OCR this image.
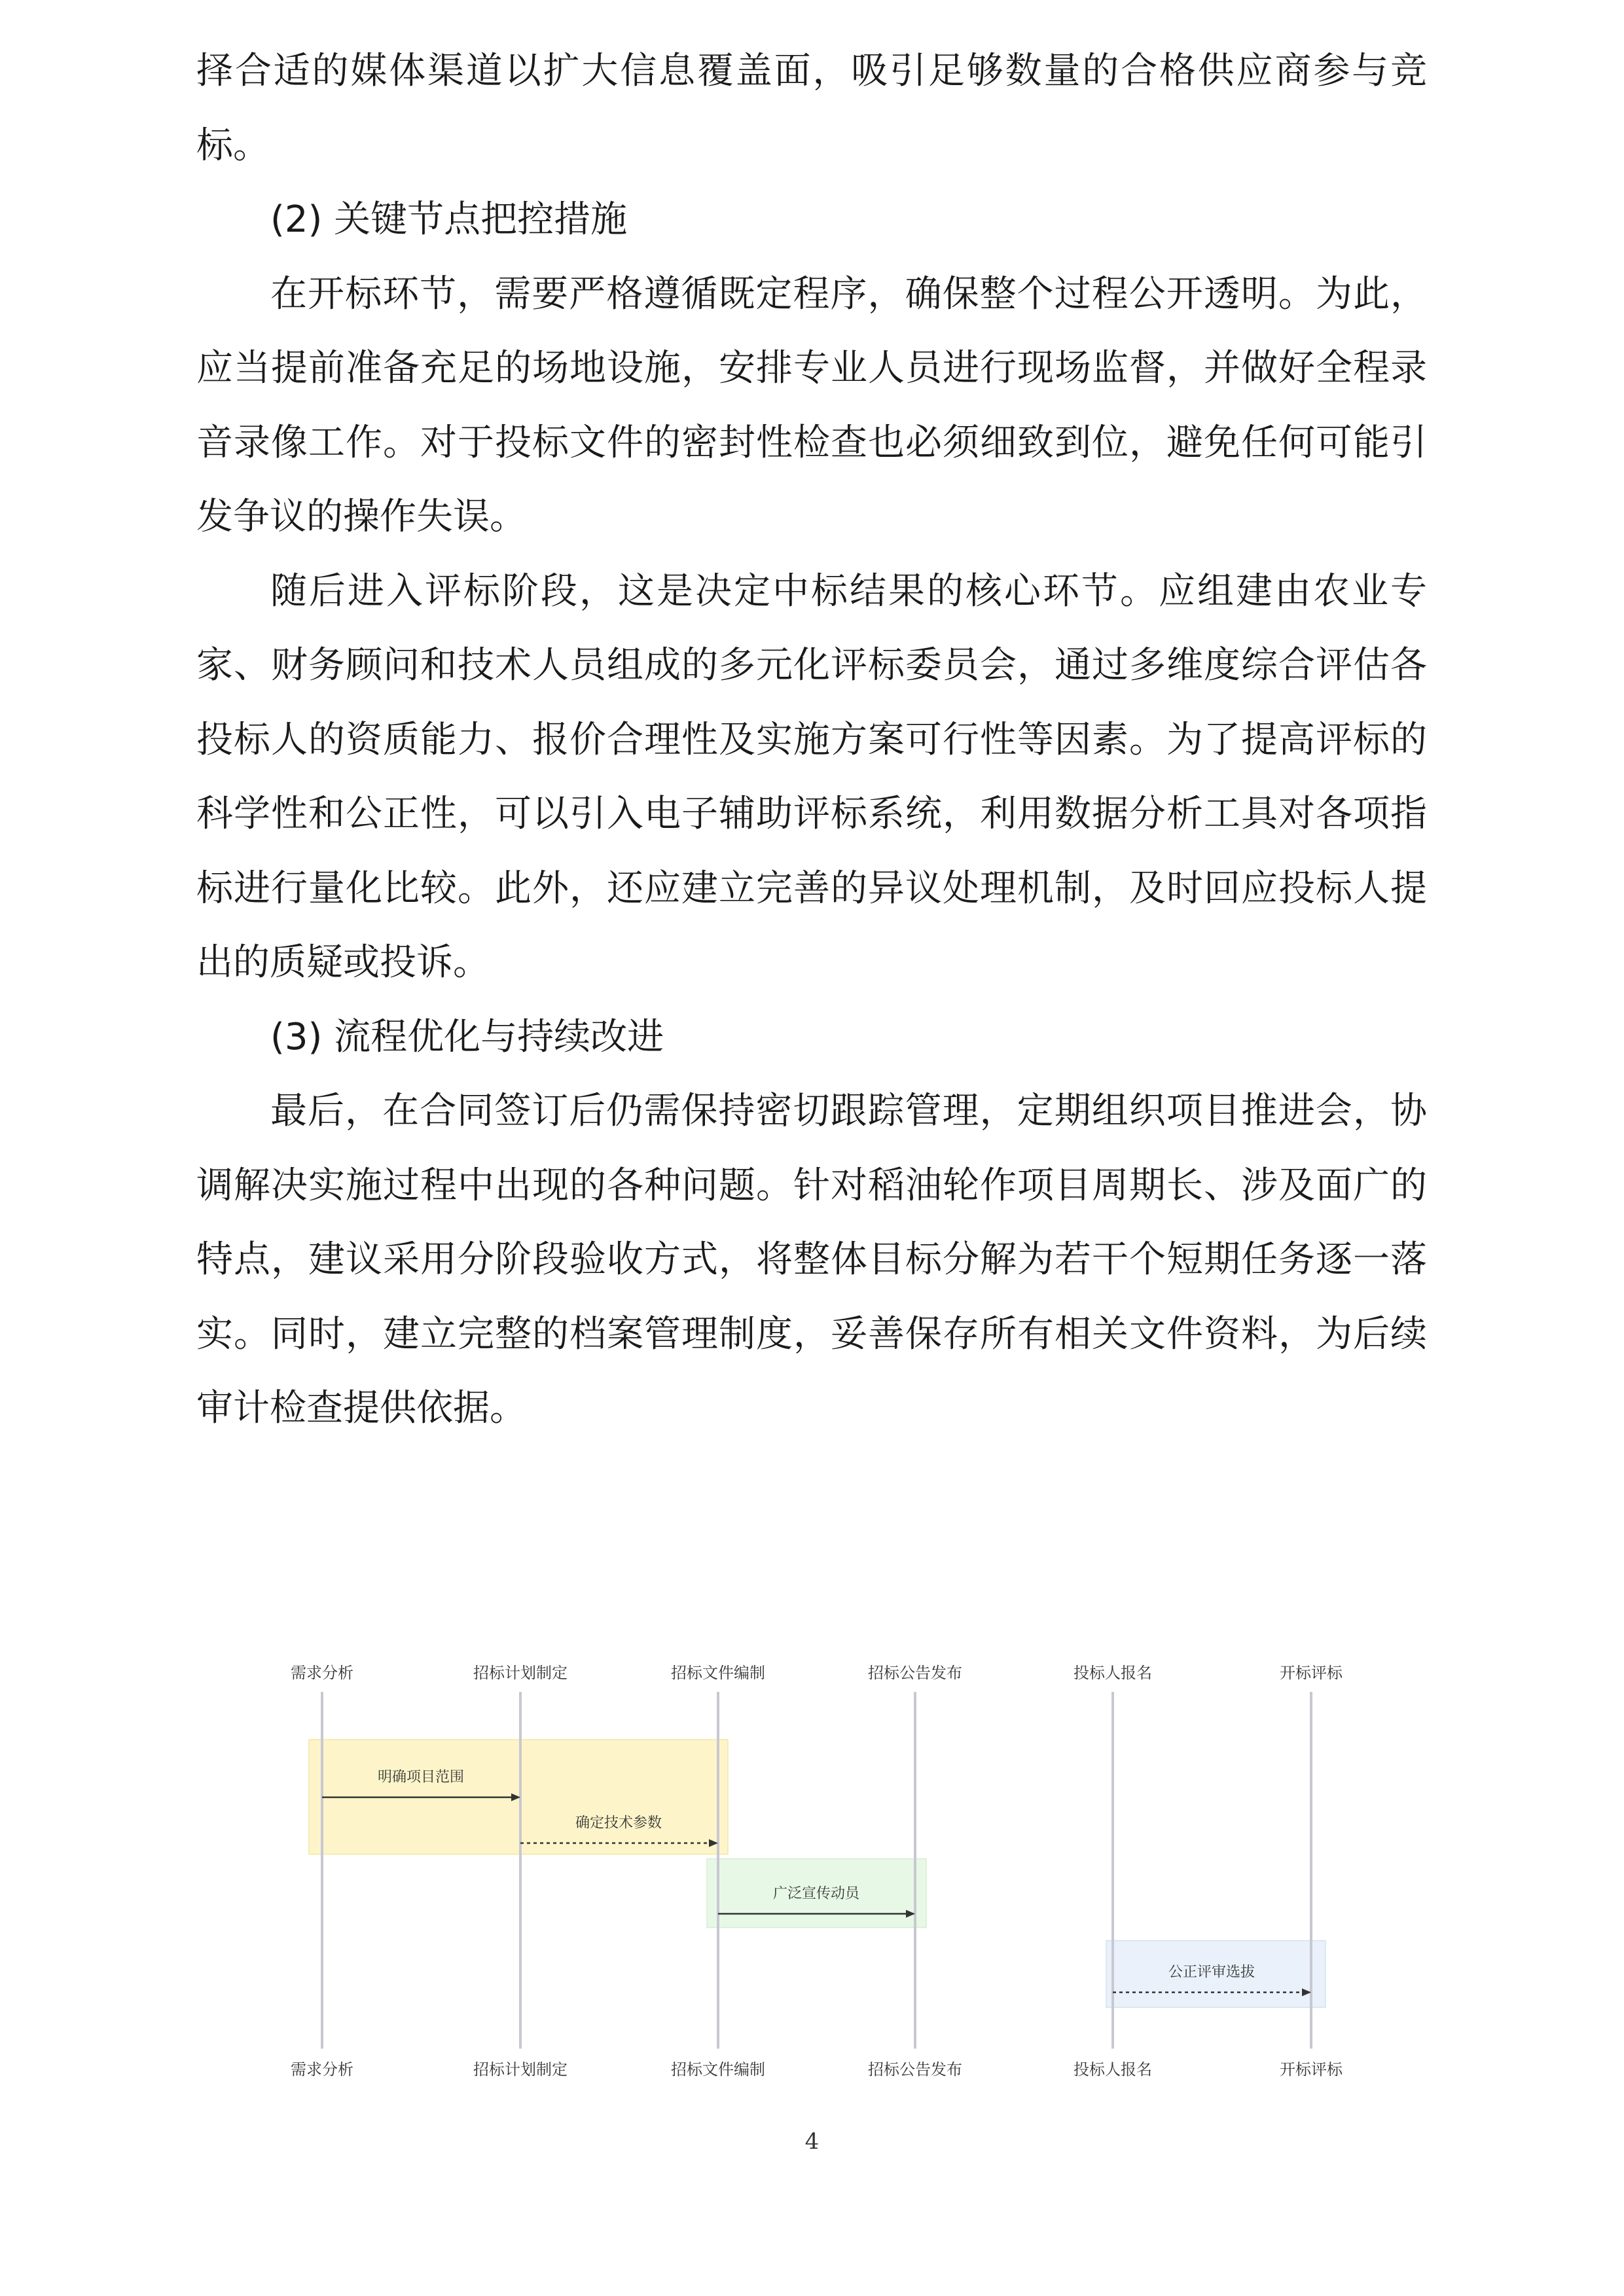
择合适的媒体渠道以扩大信息覆盖面，吸引足够数量的合格供应商参与竞标。

(2) 关键节点把控措施

在开标环节，需要严格遵循既定程序，确保整个过程公开透明。为此，应当提前准备充足的场地设施，安排专业人员进行现场监督，并做好全程录音录像工作。对于投标文件的密封性检查也必须细致到位，避免任何可能引发争议的操作失误。

随后进入评标阶段，这是决定中标结果的核心环节。应组建由农业专家、财务顾问和技术人员组成的多元化评标委员会，通过多维度综合评估各投标人的资质能力、报价合理性及实施方案可行性等因素。为了提高评标的科学性和公正性，可以引入电子辅助评标系统，利用数据分析工具对各项指标进行量化比较。此外，还应建立完善的异议处理机制，及时回应投标人提出的质疑或投诉。

(3) 流程优化与持续改进

最后，在合同签订后仍需保持密切跟踪管理，定期组织项目推进会，协调解决实施过程中出现的各种问题。针对稻油轮作项目周期长、涉及面广的特点，建议采用分阶段验收方式，将整体目标分解为若干个短期任务逐一落实。同时，建立完整的档案管理制度，妥善保存所有相关文件资料，为后续审计检查提供依据。

需求分析	招标计划制定	招标文件编制	招标公告发布	投标人报名	开标评标
明确项目范围
确定技术参数
广泛宣传动员
公正评审选拔
需求分析	招标计划制定	招标文件编制	招标公告发布	投标人报名	开标评标
4
